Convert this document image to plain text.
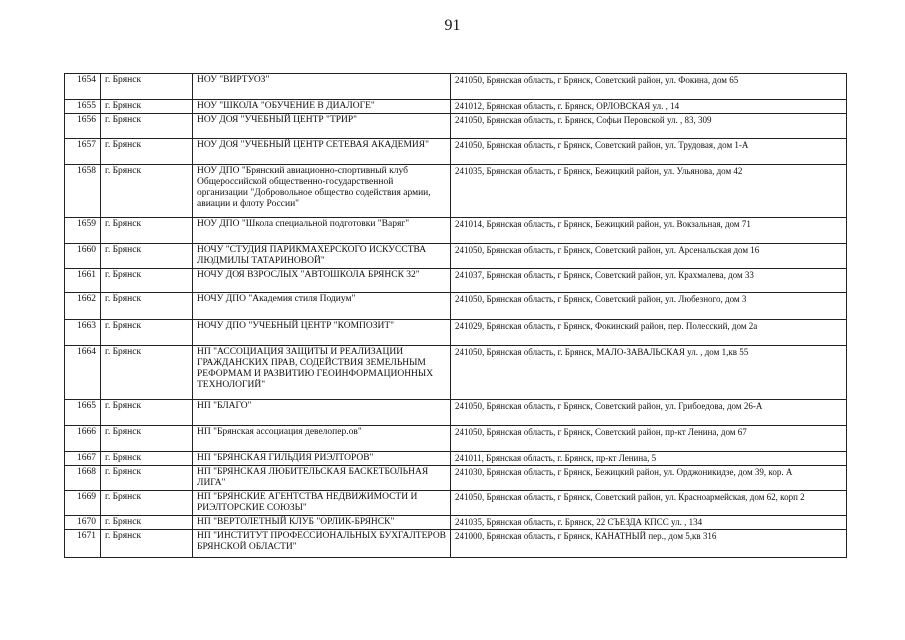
91
1654	г. Брянск	НОУ "ВИРТУОЗ"	241050, Брянская область, г Брянск, Советский район, ул. Фокина, дом 65
1655	г. Брянск	НОУ "ШКОЛА "ОБУЧЕНИЕ В ДИАЛОГЕ"	241012, Брянская область, г. Брянск, ОРЛОВСКАЯ ул. , 14
1656	г. Брянск	НОУ ДОЯ "УЧЕБНЫЙ ЦЕНТР "ТРИР"	241050, Брянская область, г. Брянск, Софьи Перовской ул. , 83, 309
1657	г. Брянск	НОУ ДОЯ "УЧЕБНЫЙ ЦЕНТР СЕТЕВАЯ АКАДЕМИЯ"	241050, Брянская область, г Брянск, Советский район, ул. Трудовая, дом 1-А
1658	г. Брянск	НОУ ДПО "Брянский авиационно-спортивный клуб Общероссийской общественно-государственной организации "Добровольное общество содействия армии, авиации и флоту России"	241035, Брянская область, г Брянск, Бежицкий район, ул. Ульянова, дом 42
1659	г. Брянск	НОУ ДПО "Школа специальной подготовки "Варяг"	241014, Брянская область, г Брянск, Бежицкий район, ул. Вокзальная, дом 71
1660	г. Брянск	НОЧУ "СТУДИЯ ПАРИКМАХЕРСКОГО ИСКУССТВА ЛЮДМИЛЫ ТАТАРИНОВОЙ"	241050, Брянская область, г Брянск, Советский район, ул. Арсенальская дом 16
1661	г. Брянск	НОЧУ ДОЯ ВЗРОСЛЫХ "АВТОШКОЛА БРЯНСК 32"	241037, Брянская область, г Брянск, Советский район, ул. Крахмалева, дом 33
1662	г. Брянск	НОЧУ ДПО "Академия стиля Подиум"	241050, Брянская область, г Брянск, Советский район, ул. Любезного, дом 3
1663	г. Брянск	НОЧУ ДПО "УЧЕБНЫЙ ЦЕНТР "КОМПОЗИТ"	241029, Брянская область, г Брянск, Фокинский район, пер. Полесский, дом 2а
1664	г. Брянск	НП "АССОЦИАЦИЯ ЗАЩИТЫ И РЕАЛИЗАЦИИ ГРАЖДАНСКИХ ПРАВ, СОДЕЙСТВИЯ ЗЕМЕЛЬНЫМ РЕФОРМАМ И РАЗВИТИЮ ГЕОИНФОРМАЦИОННЫХ ТЕХНОЛОГИЙ"	241050, Брянская область, г. Брянск, МАЛО-ЗАВАЛЬСКАЯ ул. , дом 1,кв 55
1665	г. Брянск	НП "БЛАГО"	241050, Брянская область, г Брянск, Советский район, ул. Грибоедова, дом 26-А
1666	г. Брянск	НП "Брянская ассоциация девелопер.ов"	241050, Брянская область, г Брянск, Советский район, пр-кт Ленина, дом 67
1667	г. Брянск	НП "БРЯНСКАЯ ГИЛЬДИЯ РИЭЛТОРОВ"	241011, Брянская область, г. Брянск, пр-кт Ленина, 5
1668	г. Брянск	НП "БРЯНСКАЯ ЛЮБИТЕЛЬСКАЯ БАСКЕТБОЛЬНАЯ ЛИГА"	241030, Брянская область, г Брянск, Бежицкий район, ул. Орджоникидзе, дом 39, кор. А
1669	г. Брянск	НП "БРЯНСКИЕ АГЕНТСТВА НЕДВИЖИМОСТИ И РИЭЛТОРСКИЕ СОЮЗЫ"	241050, Брянская область, г Брянск, Советский район, ул. Красноармейская, дом 62, корп 2
1670	г. Брянск	НП "ВЕРТОЛЕТНЫЙ КЛУБ "ОРЛИК-БРЯНСК"	241035, Брянская область, г. Брянск, 22 СЪЕЗДА КПСС ул. , 134
1671	г. Брянск	НП "ИНСТИТУТ ПРОФЕССИОНАЛЬНЫХ БУХГАЛТЕРОВ БРЯНСКОЙ ОБЛАСТИ"	241000, Брянская область, г Брянск, КАНАТНЫЙ пер., дом 5,кв 316
